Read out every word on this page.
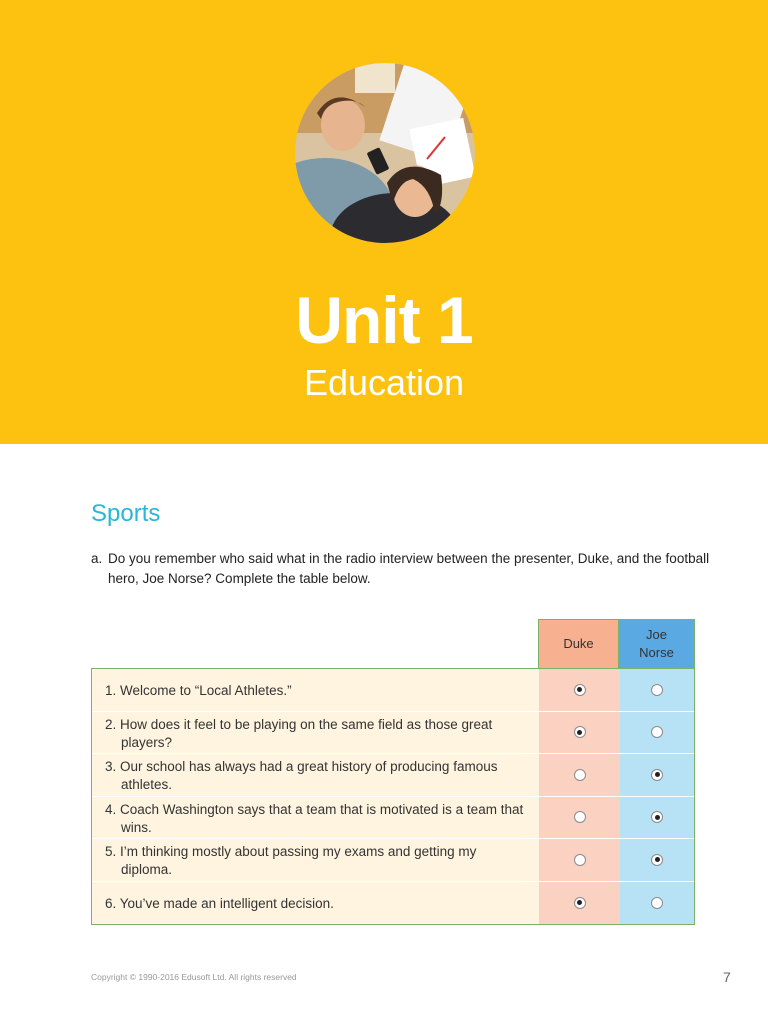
Unit 1
Education
Sports
a. Do you remember who said what in the radio interview between the presenter, Duke, and the football hero, Joe Norse? Complete the table below.
Duke
Joe Norse
1. Welcome to “Local Athletes.”
2. How does it feel to be playing on the same field as those great players?
3. Our school has always had a great history of producing famous athletes.
4. Coach Washington says that a team that is motivated is a team that wins.
5. I’m thinking mostly about passing my exams and getting my diploma.
6. You’ve made an intelligent decision.
Copyright © 1990-2016 Edusoft Ltd. All rights reserved	7
